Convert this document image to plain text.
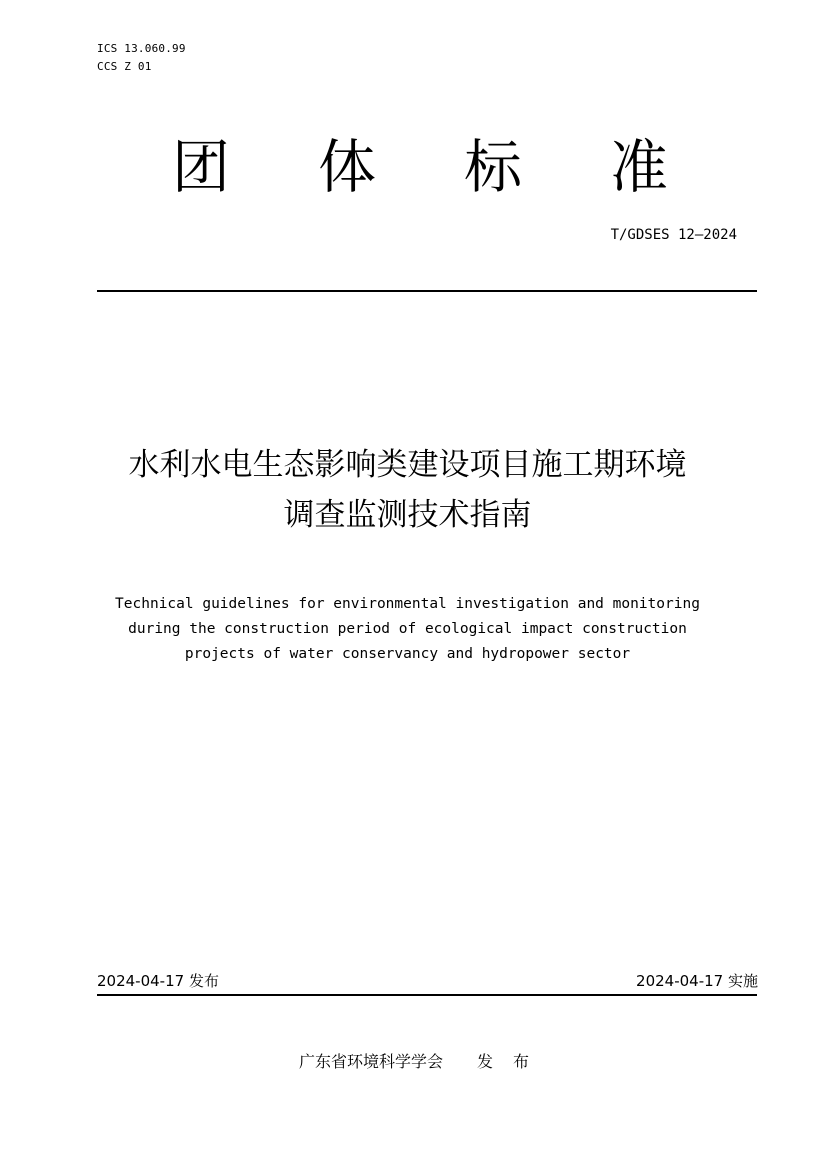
ICS 13.060.99
CCS Z 01
团 体 标 准
T/GDSES 12—2024
水利水电生态影响类建设项目施工期环境
调查监测技术指南
Technical guidelines for environmental investigation and monitoring
during the construction period of ecological impact construction
projects of water conservancy and hydropower sector
2024-04-17 发布	2024-04-17 实施
广东省环境科学学会 发布
